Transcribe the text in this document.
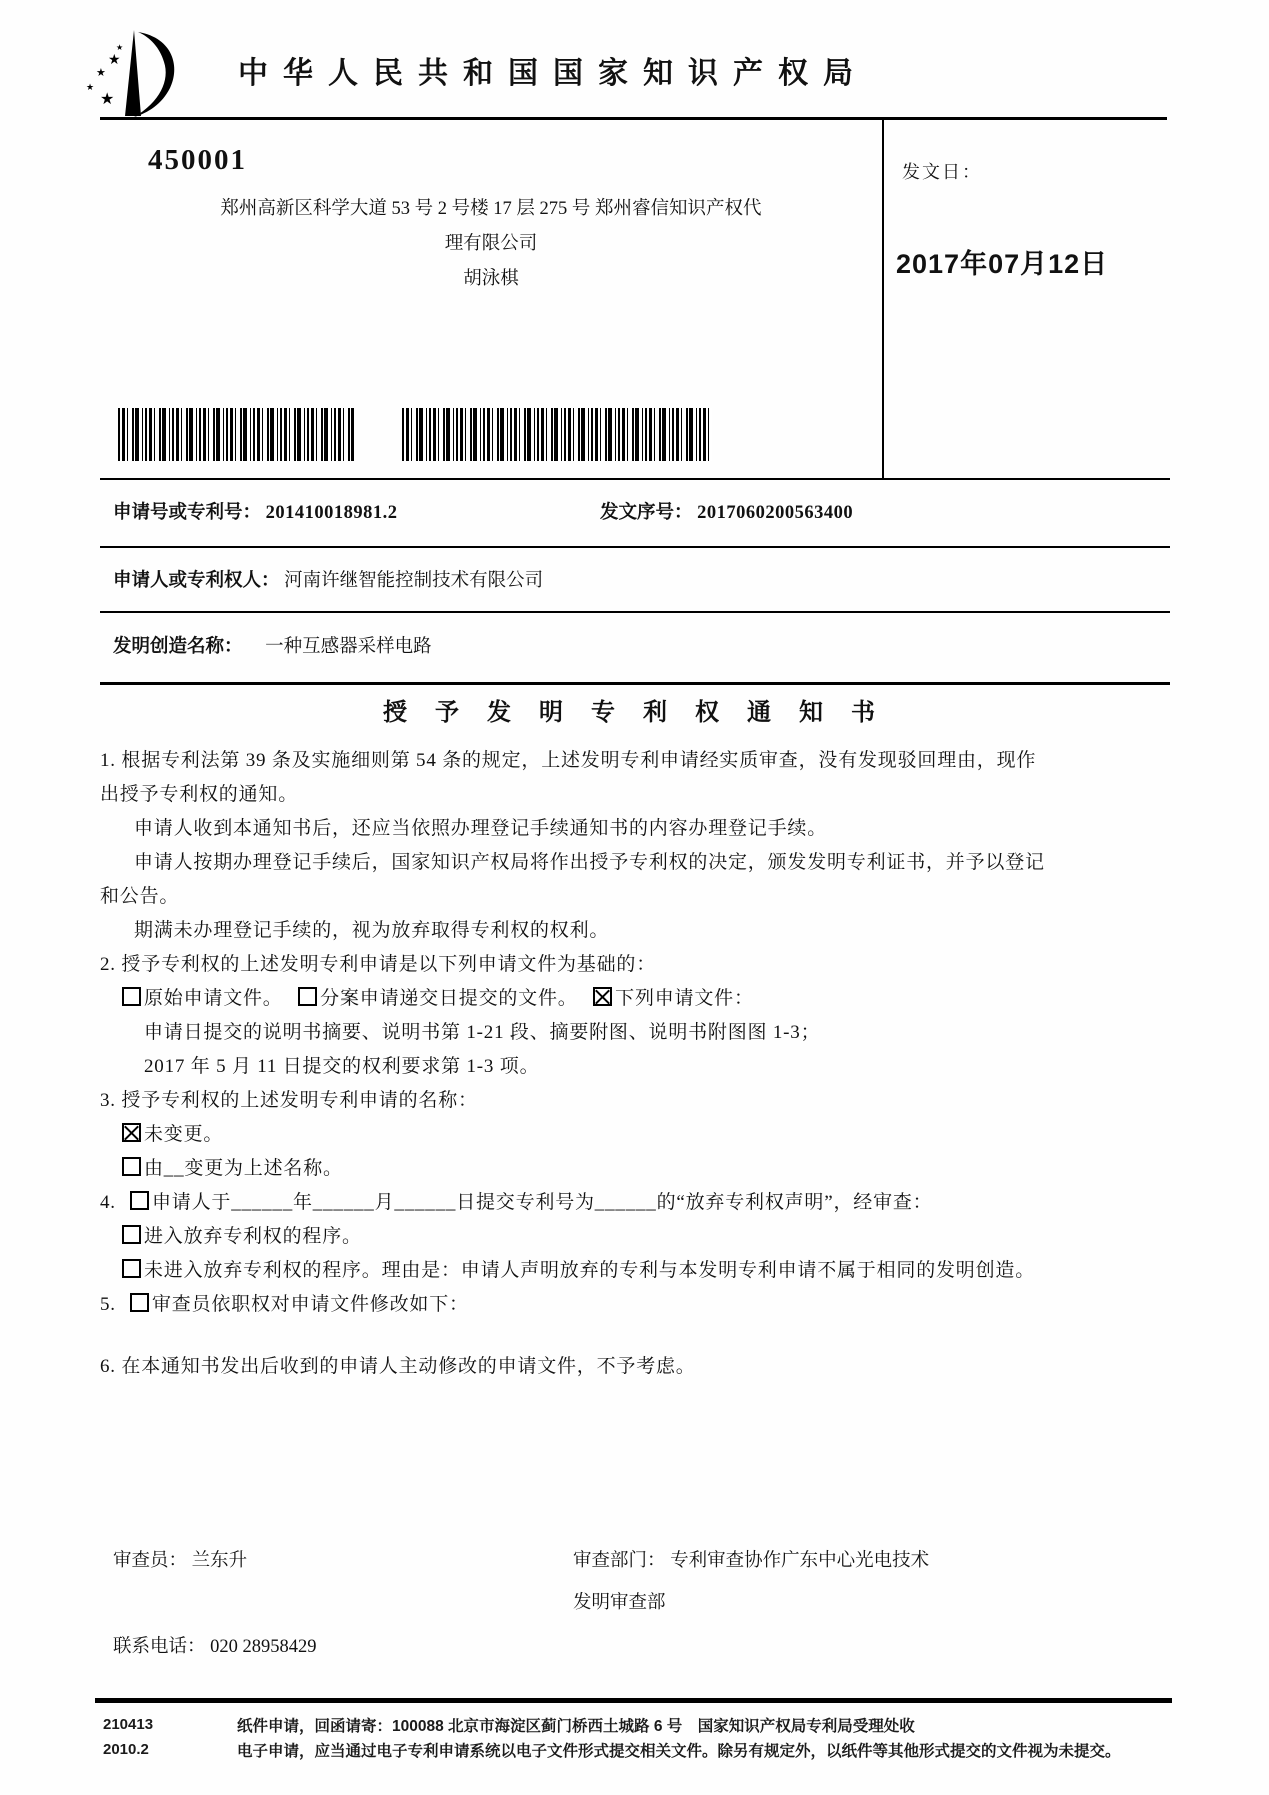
★
★
★
★
★
中华人民共和国国家知识产权局
发文日：
2017年07月12日
450001
郑州高新区科学大道 53 号 2 号楼 17 层 275 号 郑州睿信知识产权代
理有限公司
胡泳棋
申请号或专利号： 201410018981.2	发文序号： 2017060200563400
申请人或专利权人： 河南许继智能控制技术有限公司
发明创造名称： 一种互感器采样电路
授 予 发 明 专 利 权 通 知 书
1. 根据专利法第 39 条及实施细则第 54 条的规定，上述发明专利申请经实质审查，没有发现驳回理由，现作
出授予专利权的通知。
申请人收到本通知书后，还应当依照办理登记手续通知书的内容办理登记手续。
申请人按期办理登记手续后，国家知识产权局将作出授予专利权的决定，颁发发明专利证书，并予以登记
和公告。
期满未办理登记手续的，视为放弃取得专利权的权利。
2. 授予专利权的上述发明专利申请是以下列申请文件为基础的：
原始申请文件。 分案申请递交日提交的文件。 下列申请文件：
申请日提交的说明书摘要、说明书第 1-21 段、摘要附图、说明书附图图 1-3；
2017 年 5 月 11 日提交的权利要求第 1-3 项。
3. 授予专利权的上述发明专利申请的名称：
未变更。
由__变更为上述名称。
4. 申请人于______年______月______日提交专利号为______的“放弃专利权声明”，经审查：
进入放弃专利权的程序。
未进入放弃专利权的程序。理由是：申请人声明放弃的专利与本发明专利申请不属于相同的发明创造。
5. 审查员依职权对申请文件修改如下：
6. 在本通知书发出后收到的申请人主动修改的申请文件，不予考虑。
审查员： 兰东升	审查部门： 专利审查协作广东中心光电技术
发明审查部
联系电话： 020 28958429
210413
2010.2
纸件申请，回函请寄：100088 北京市海淀区蓟门桥西土城路 6 号　国家知识产权局专利局受理处收
电子申请，应当通过电子专利申请系统以电子文件形式提交相关文件。除另有规定外，以纸件等其他形式提交的文件视为未提交。
